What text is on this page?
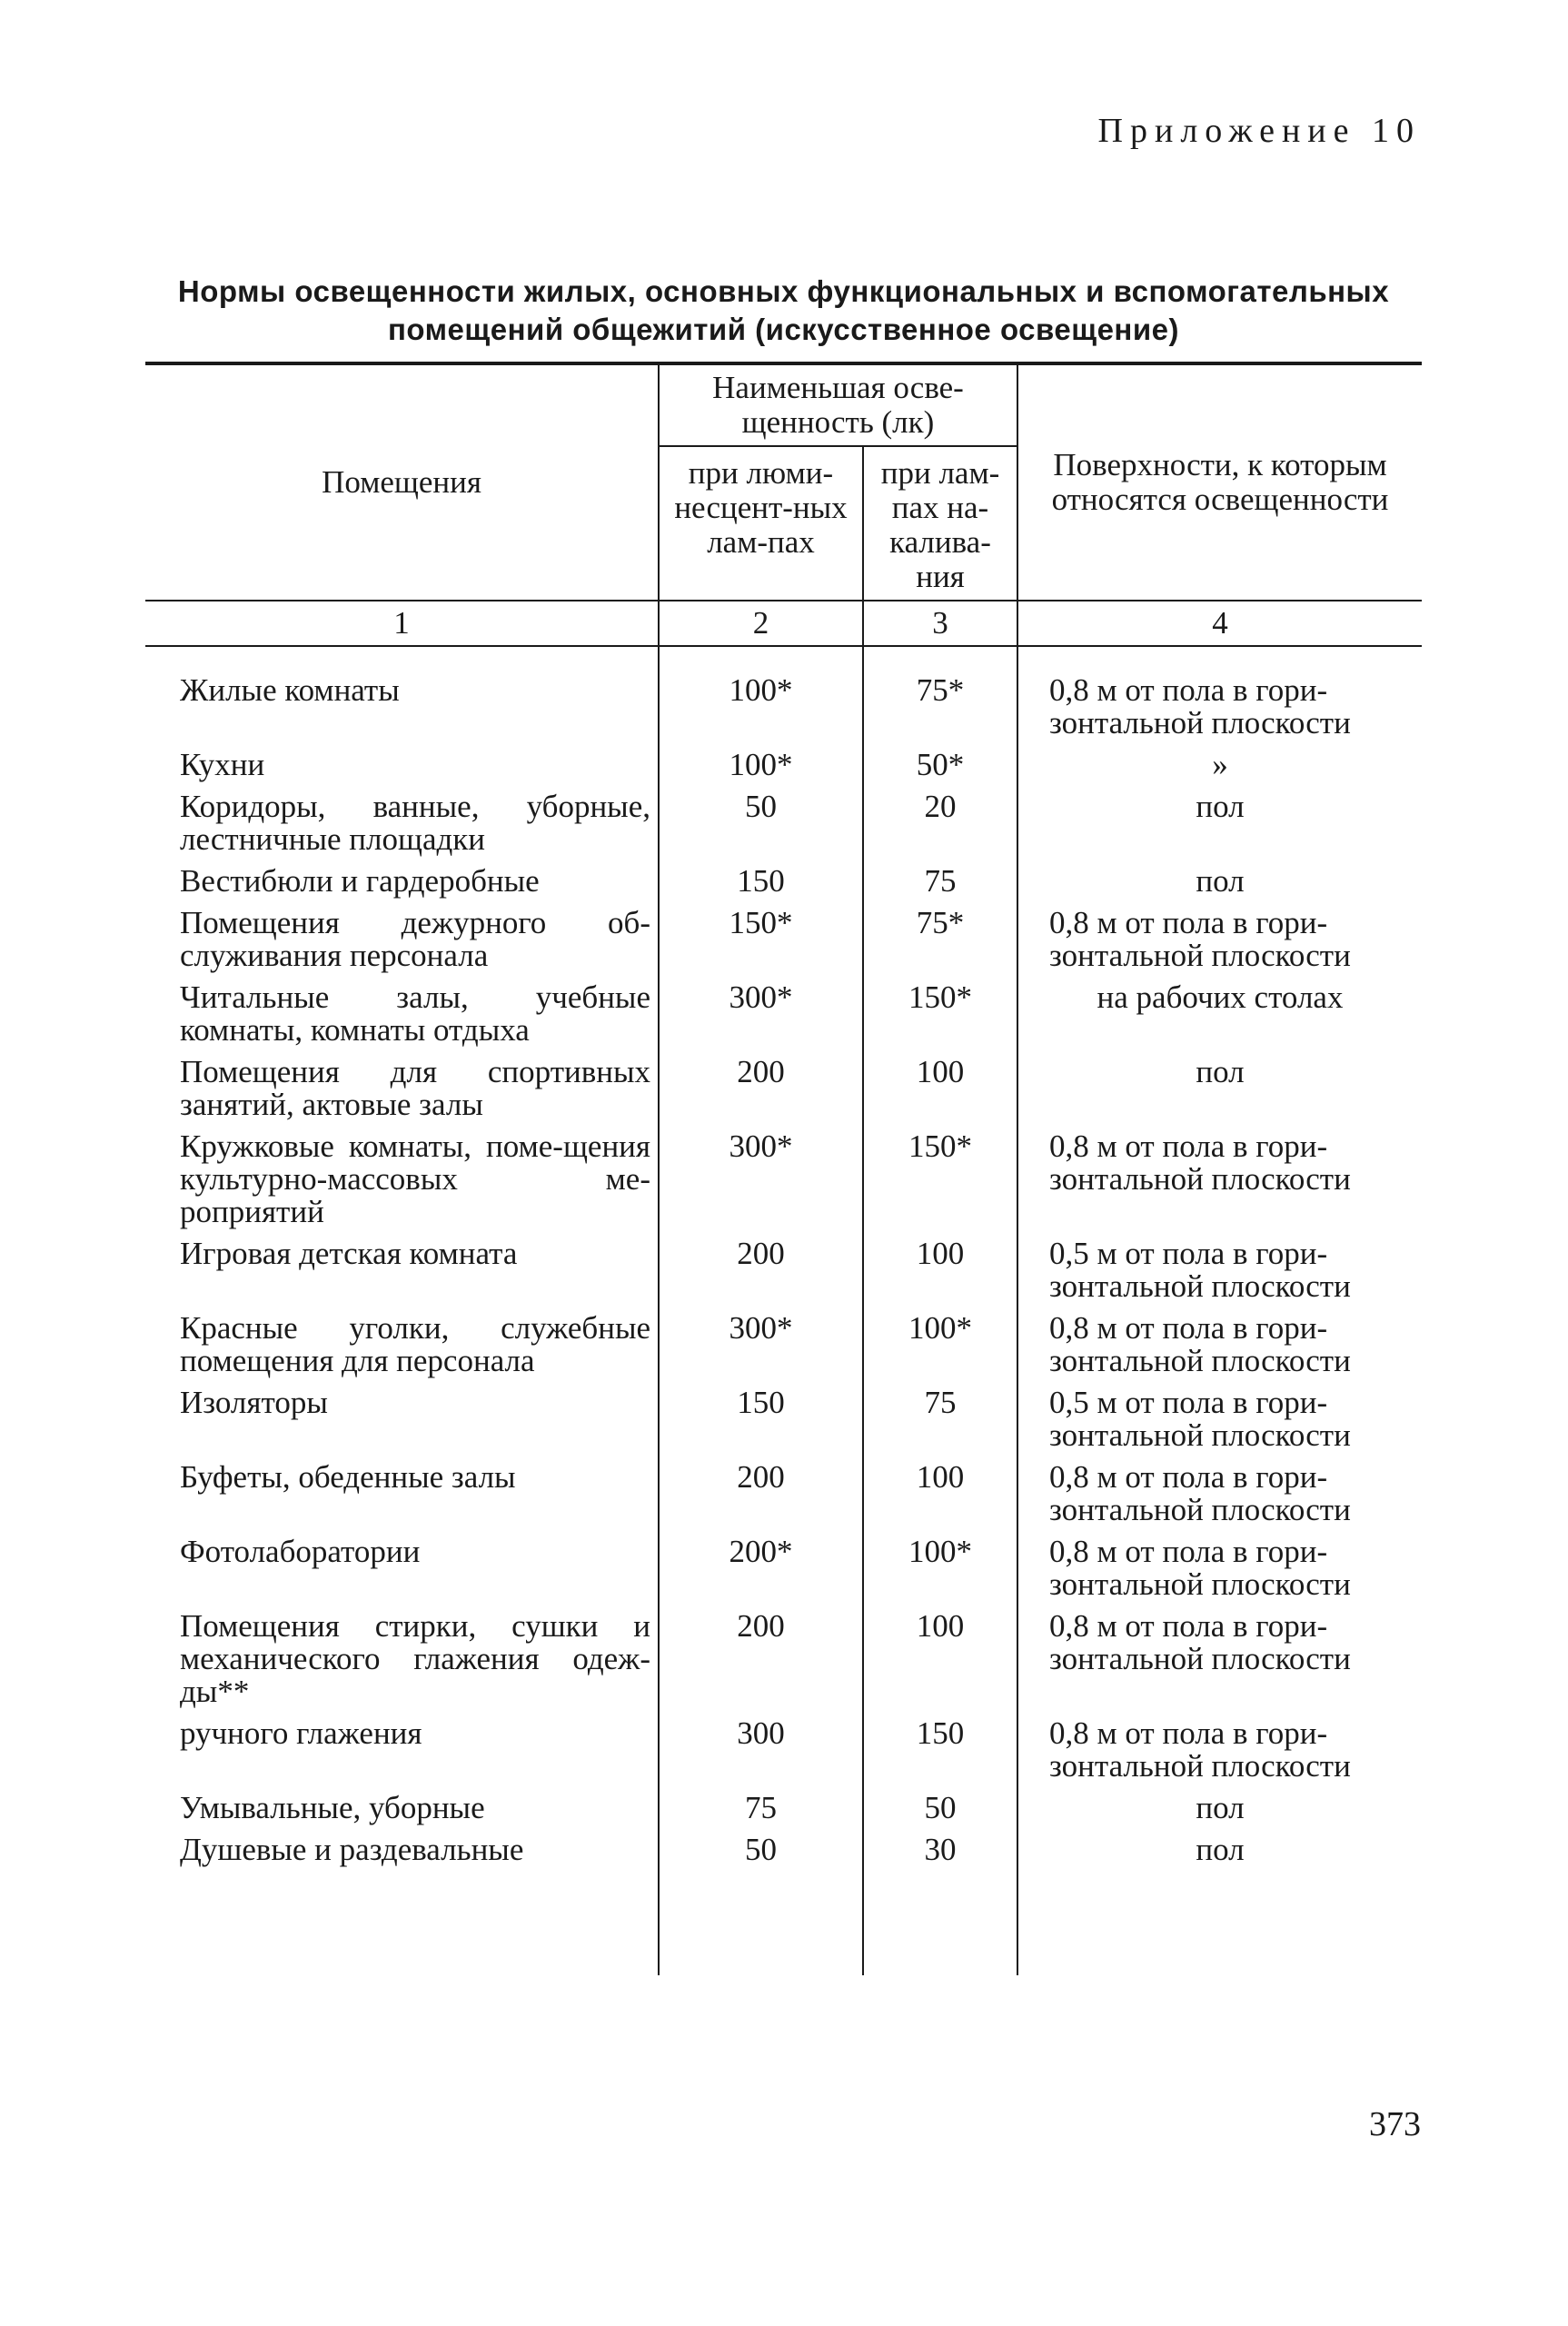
Приложение 10
Нормы освещенности жилых, основных функциональных и вспомогательных
помещений общежитий (искусственное освещение)
Помещения	Наименьшая осве-щенность (лк)		Поверхности, к которым относятся освещенности
	при люми-несцент-ных лам-пах	при лам-пах на-калива-ния	
1	2	3	4
Жилые комнаты	100*	75*	0,8 м от пола в гори-зонтальной плоскости
Кухни	100*	50*	»
Коридоры, ванные, уборные, лестничные площадки	50	20	пол
Вестибюли и гардеробные	150	75	пол
Помещения дежурного об-служивания персонала	150*	75*	0,8 м от пола в гори-зонтальной плоскости
Читальные залы, учебные комнаты, комнаты отдыха	300*	150*	на рабочих столах
Помещения для спортивных занятий, актовые залы	200	100	пол
Кружковые комнаты, поме-щения культурно-массовых ме-роприятий	300*	150*	0,8 м от пола в гори-зонтальной плоскости
Игровая детская комната	200	100	0,5 м от пола в гори-зонтальной плоскости
Красные уголки, служебные помещения для персонала	300*	100*	0,8 м от пола в гори-зонтальной плоскости
Изоляторы	150	75	0,5 м от пола в гори-зонтальной плоскости
Буфеты, обеденные залы	200	100	0,8 м от пола в гори-зонтальной плоскости
Фотолаборатории	200*	100*	0,8 м от пола в гори-зонтальной плоскости
Помещения стирки, сушки и механического глажения одеж-ды**	200	100	0,8 м от пола в гори-зонтальной плоскости
ручного глажения	300	150	0,8 м от пола в гори-зонтальной плоскости
Умывальные, уборные	75	50	пол
Душевые и раздевальные	50	30	пол

373
